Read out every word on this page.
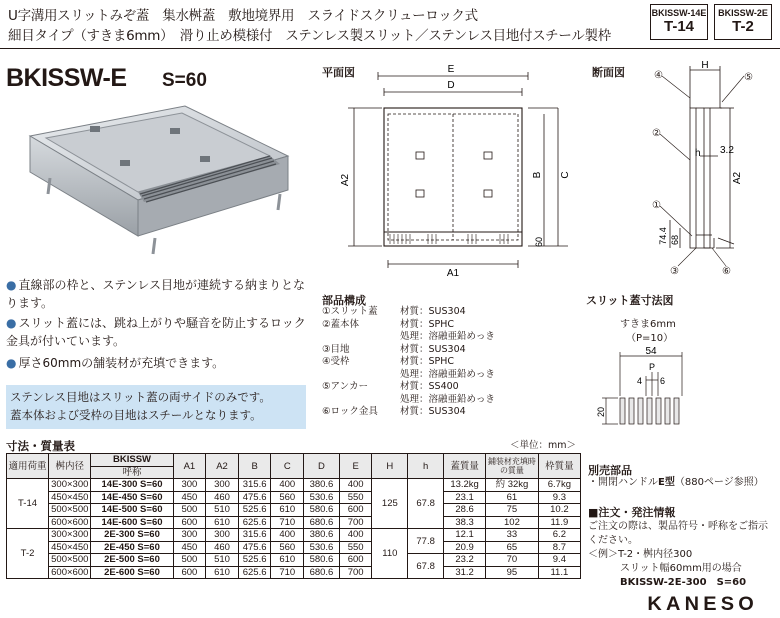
U字溝用スリットみぞ蓋　集水桝蓋　敷地境界用　スライドスクリューロック式
細目タイプ（すきま6mm）　滑り止め模様付　ステンレス製スリット／ステンレス目地付スチール製枠
BKISSW-14E
T-14
BKISSW-2E
T-2
BKISSW-E S=60	平面図	E
D
B C
A2
A1
60
断面図	④	⑤
②
①
③	⑥
H
h 3.2
A2
74.4 68
● 直線部の枠と、ステンレス目地が連続する納まりとなります。
● スリット蓋には、跳ね上がりや騒音を防止するロック金具が付いています。
● 厚さ60mmの舗装材が充填できます。
ステンレス目地はスリット蓋の両サイドのみです。
蓋本体および受枠の目地はスチールとなります。
部品構成
①スリット蓋 材質：SUS304
②蓋本体	材質：SPHC
処理：溶融亜鉛めっき
③目地	材質：SUS304
④受枠	材質：SPHC
処理：溶融亜鉛めっき
⑤アンカー	材質：SS400
処理：溶融亜鉛めっき
⑥ロック金具 材質：SUS304
スリット蓋寸法図
すきま6mm
（P=10）
54
4 6
P
20
寸法・質量表	＜単位：mm＞
適用荷重	桝内径	BKISSW	A1	A2	B	C	D	E	H	h	蓋質量	鋪装材充填時
の質量	枠質量
		呼称											
T-14	300×300	14E-300 S=60	300	300	315.6	400	380.6	400	125	67.8	13.2kg	約 32kg	6.7kg
	450×450	14E-450 S=60	450	460	475.6	560	530.6	550			23.1	61	9.3
	500×500	14E-500 S=60	500	510	525.6	610	580.6	600			28.6	75	10.2
	600×600	14E-600 S=60	600	610	625.6	710	680.6	700			38.3	102	11.9
T-2	300×300	2E-300 S=60	300	300	315.6	400	380.6	400	110	77.8	12.1	33	6.2
	450×450	2E-450 S=60	450	460	475.6	560	530.6	550			20.9	65	8.7
	500×500	2E-500 S=60	500	510	525.6	610	580.6	600		67.8	23.2	70	9.4
	600×600	2E-600 S=60	600	610	625.6	710	680.6	700			31.2	95	11.1
別売部品
・開閉ハンドルE型（880ページ参照）
■注文・発注情報
ご注文の際は、製品符号・呼称をご指示
ください。
＜例＞T-2・桝内径300
スリット幅60mm用の場合
BKISSW-2E-300　S=60
KANESO
